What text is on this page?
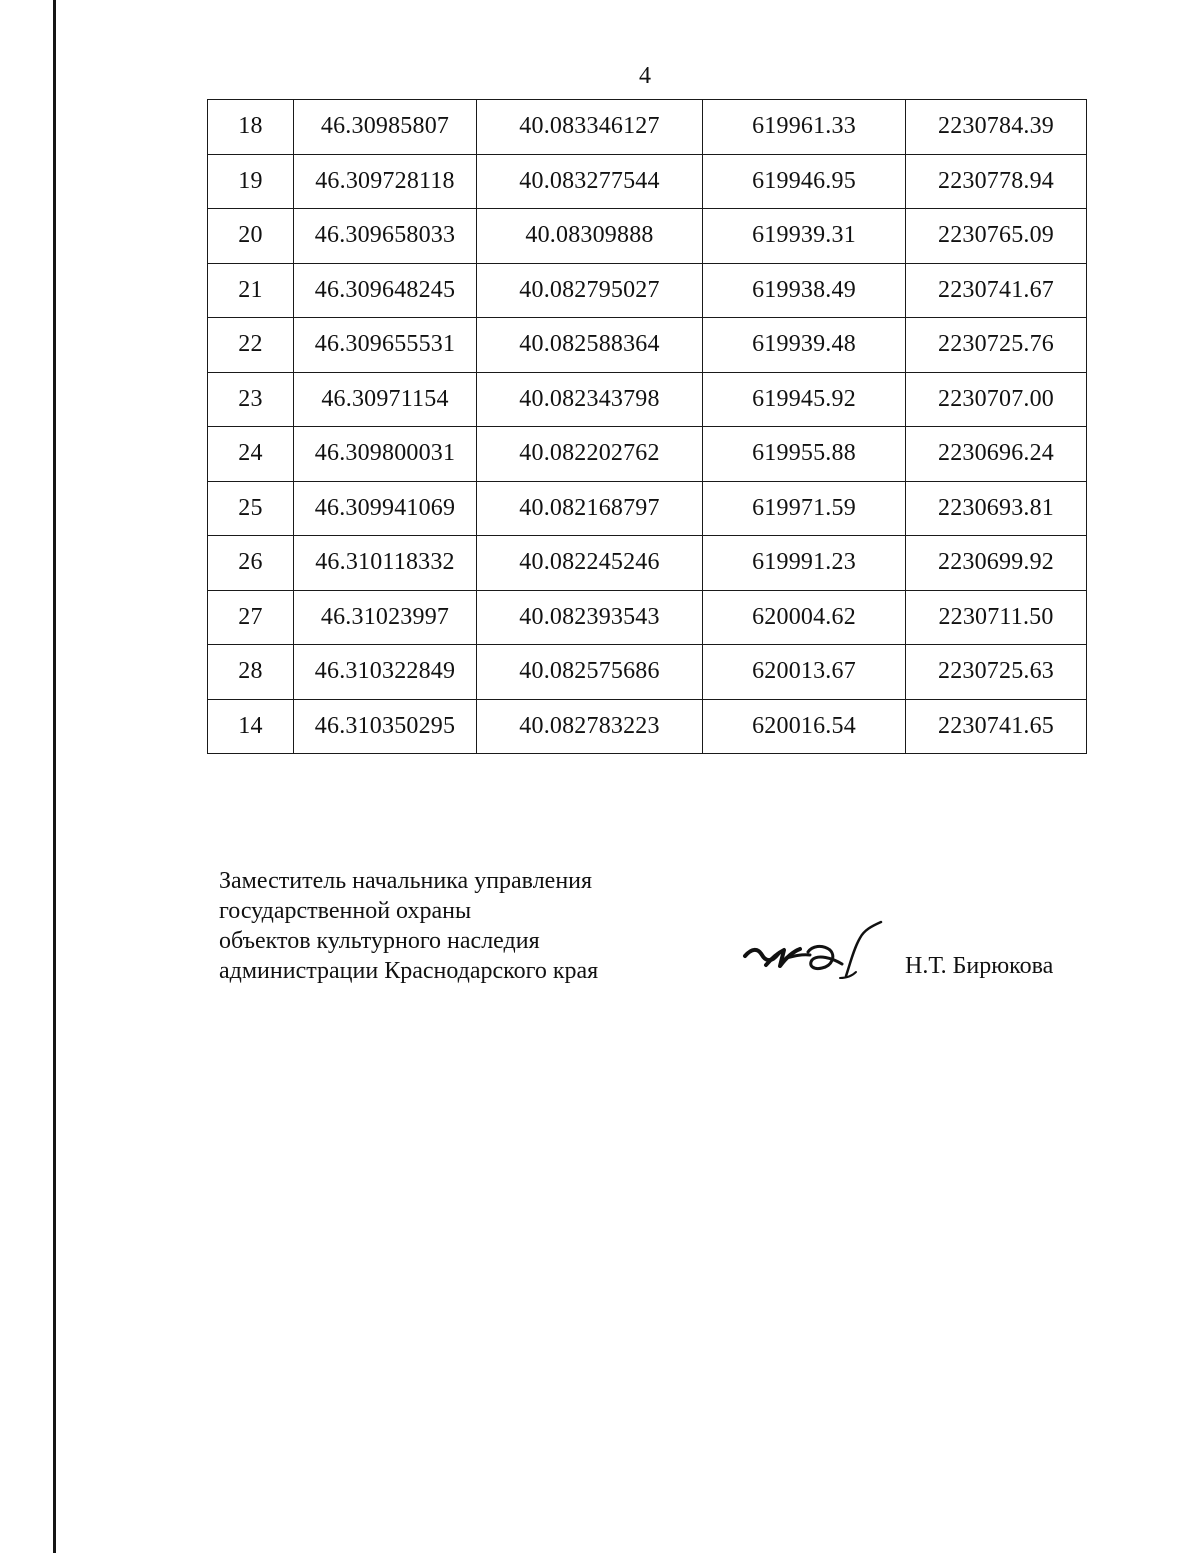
4
18	46.30985807	40.083346127	619961.33	2230784.39
19	46.309728118	40.083277544	619946.95	2230778.94
20	46.309658033	40.08309888	619939.31	2230765.09
21	46.309648245	40.082795027	619938.49	2230741.67
22	46.309655531	40.082588364	619939.48	2230725.76
23	46.30971154	40.082343798	619945.92	2230707.00
24	46.309800031	40.082202762	619955.88	2230696.24
25	46.309941069	40.082168797	619971.59	2230693.81
26	46.310118332	40.082245246	619991.23	2230699.92
27	46.31023997	40.082393543	620004.62	2230711.50
28	46.310322849	40.082575686	620013.67	2230725.63
14	46.310350295	40.082783223	620016.54	2230741.65
Заместитель начальника управления
государственной охраны
объектов культурного наследия
администрации Краснодарского края	Н.Т. Бирюкова
